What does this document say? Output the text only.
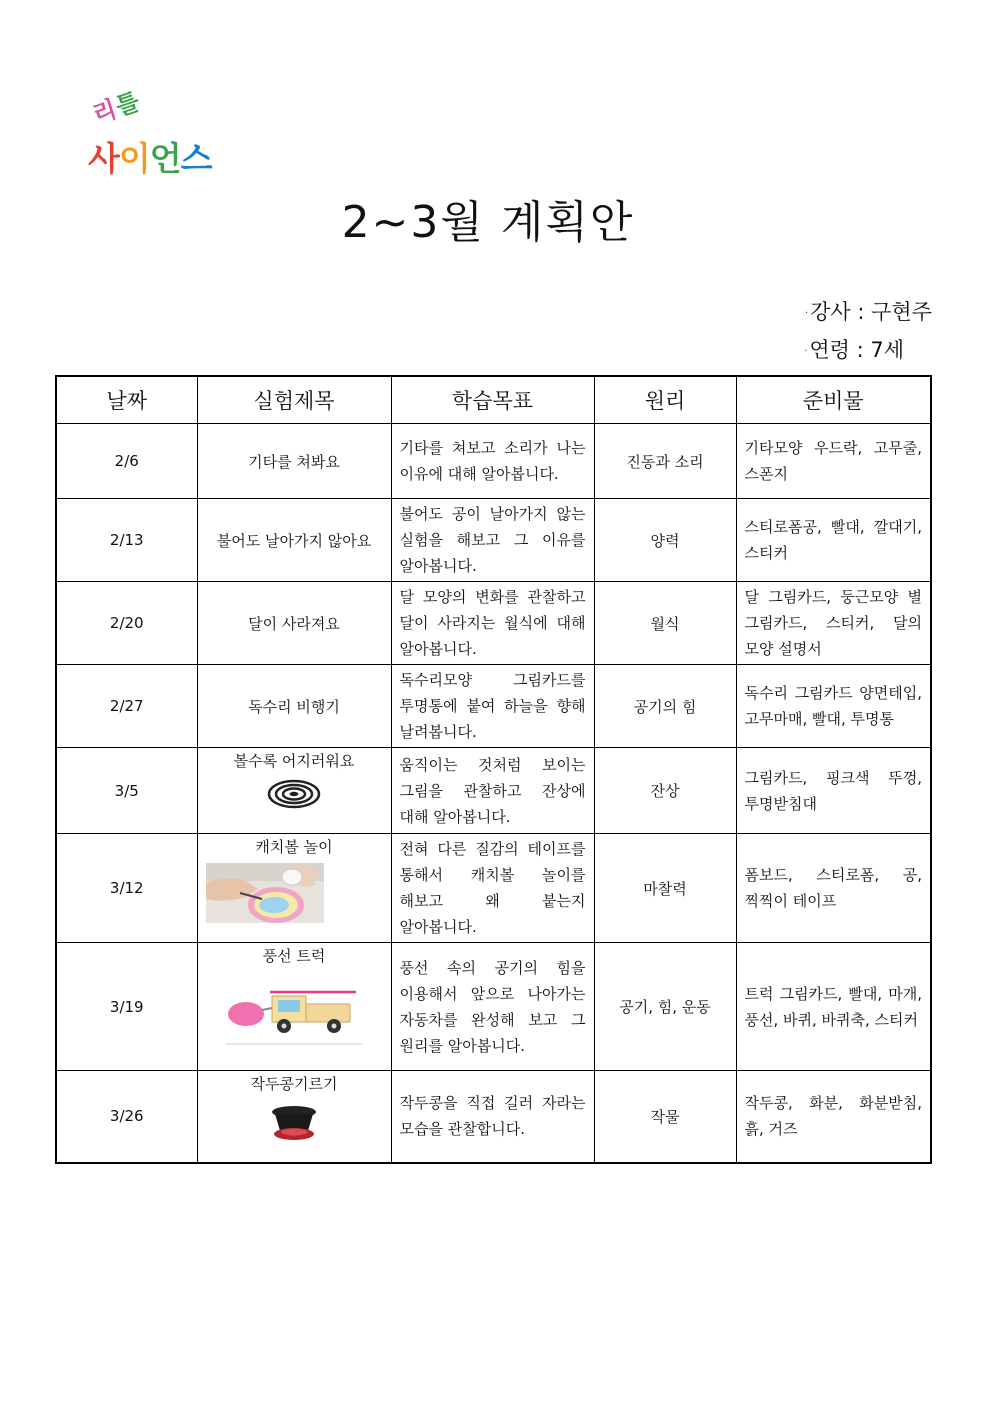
리틀
사이언스
2~3월 계획안
·강사 : 구현주
·연령 : 7세
날짜	실험제목	학습목표	원리	준비물
2/6	기타를 쳐봐요	기타를 쳐보고 소리가 나는 이유에 대해 알아봅니다.	진동과 소리	기타모양 우드락, 고무줄, 스폰지
2/13	불어도 날아가지 않아요	불어도 공이 날아가지 않는 실험을 해보고 그 이유를 알아봅니다.	양력	스티로폼공, 빨대, 깔대기, 스티커
2/20	달이 사라져요	달 모양의 변화를 관찰하고 달이 사라지는 월식에 대해 알아봅니다.	월식	달 그림카드, 둥근모양 별 그림카드, 스티커, 달의 모양 설명서
2/27	독수리 비행기	독수리모양 그림카드를 투명통에 붙여 하늘을 향해 날려봅니다.	공기의 힘	독수리 그림카드 양면테입, 고무마매, 빨대, 투명통
3/5	볼수록 어지러워요	움직이는 것처럼 보이는 그림을 관찰하고 잔상에 대해 알아봅니다.	잔상	그림카드, 핑크색 뚜껑, 투명받침대
3/12	캐치볼 놀이	전혀 다른 질감의 테이프를 통해서 캐치볼 놀이를 해보고 왜 붙는지 알아봅니다.	마찰력	폼보드, 스티로폼, 공, 찍찍이 테이프
3/19	풍선 트럭	풍선 속의 공기의 힘을 이용해서 앞으로 나아가는 자동차를 완성해 보고 그 원리를 알아봅니다.	공기, 힘, 운동	트럭 그림카드, 빨대, 마개, 풍선, 바퀴, 바퀴축, 스티커
3/26	작두콩기르기	작두콩을 직접 길러 자라는 모습을 관찰합니다.	작물	작두콩, 화분, 화분받침, 흙, 거즈
